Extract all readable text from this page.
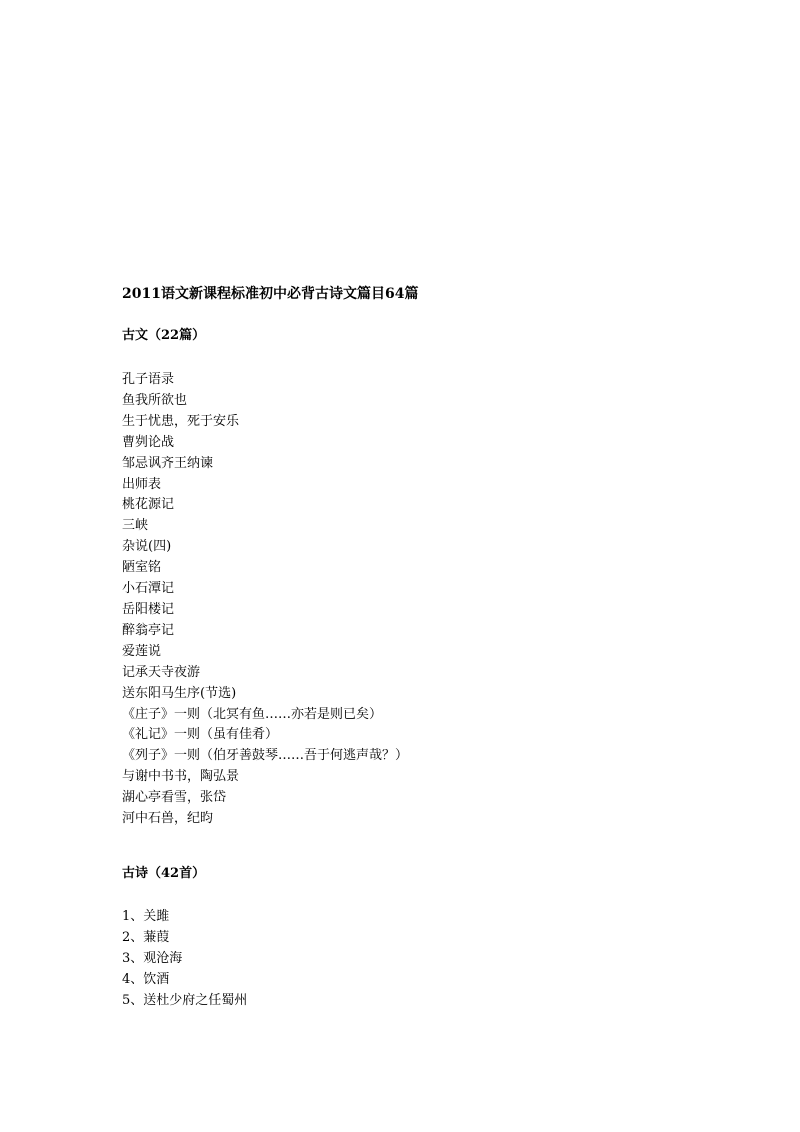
2011语文新课程标准初中必背古诗文篇目64篇
古文（22篇）
孔子语录
鱼我所欲也
生于忧患，死于安乐
曹刿论战
邹忌讽齐王纳谏
出师表
桃花源记
三峡
杂说(四)
陋室铭
小石潭记
岳阳楼记
醉翁亭记
爱莲说
记承天寺夜游
送东阳马生序(节选)
《庄子》一则（北冥有鱼……亦若是则已矣）
《礼记》一则（虽有佳肴）
《列子》一则（伯牙善鼓琴……吾于何逃声哉？）
与谢中书书，陶弘景
湖心亭看雪，张岱
河中石兽，纪昀
古诗（42首）
1、关雎
2、蒹葭
3、观沧海
4、饮酒
5、送杜少府之任蜀州
